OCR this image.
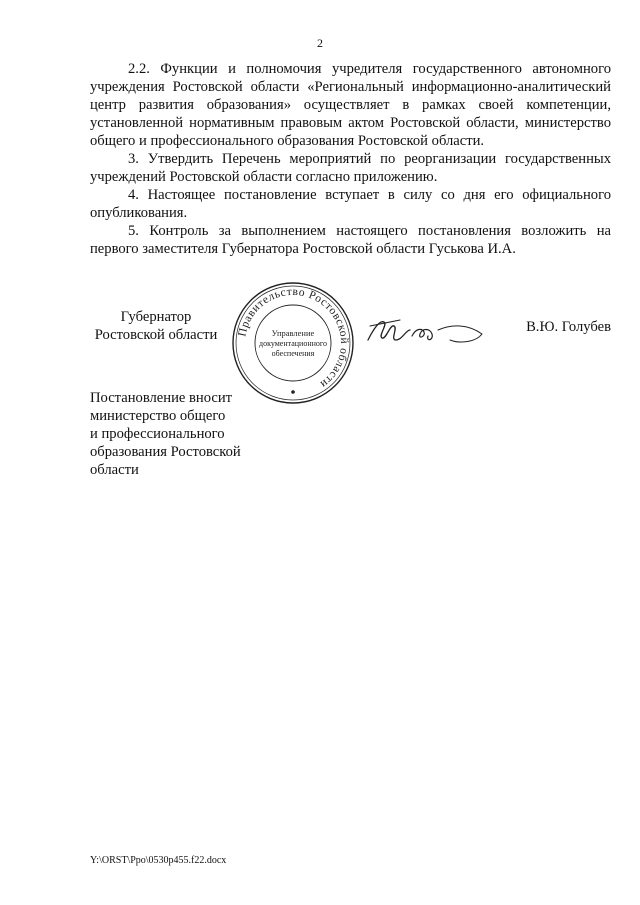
2

2.2. Функции и полномочия учредителя государственного автономного учреждения Ростовской области «Региональный информационно-аналитический центр развития образования» осуществляет в рамках своей компетенции, установленной нормативным правовым актом Ростовской области, министерство общего и профессионального образования Ростовской области.

3. Утвердить Перечень мероприятий по реорганизации государственных учреждений Ростовской области согласно приложению.

4. Настоящее постановление вступает в силу со дня его официального опубликования.

5. Контроль за выполнением настоящего постановления возложить на первого заместителя Губернатора Ростовской области Гуськова И.А.

Губернатор
Ростовской области	Правительство Ростовской области
Управление
документационного
обеспечения
В.Ю. Голубев
Постановление вносит
министерство общего
и профессионального
образования Ростовской
области
Y:\ORST\Ppo\0530p455.f22.docx
